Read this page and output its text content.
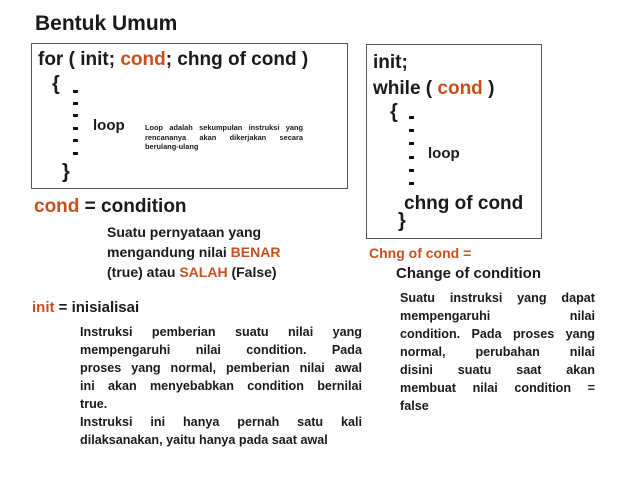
Bentuk Umum
for ( init; cond; chng of cond )
{
loop	Loop adalah sekumpulan instruksi yang
rencananya akan dikerjakan secara
berulang-ulang
}
init;
while ( cond )
{
loop
chng of cond
}
cond = condition
Suatu pernyataan yang
mengandung nilai BENAR
(true) atau SALAH (False)
init = inisialisai
Instruksi pemberian suatu nilai yang
mempengaruhi nilai condition. Pada
proses yang normal, pemberian nilai awal
ini akan menyebabkan condition bernilai
true.
Instruksi ini hanya pernah satu kali
dilaksanakan, yaitu hanya pada saat awal
Chng of cond =
Change of condition
Suatu instruksi yang dapat
mempengaruhi nilai
condition. Pada proses yang
normal, perubahan nilai
disini suatu saat akan
membuat nilai condition =
false
